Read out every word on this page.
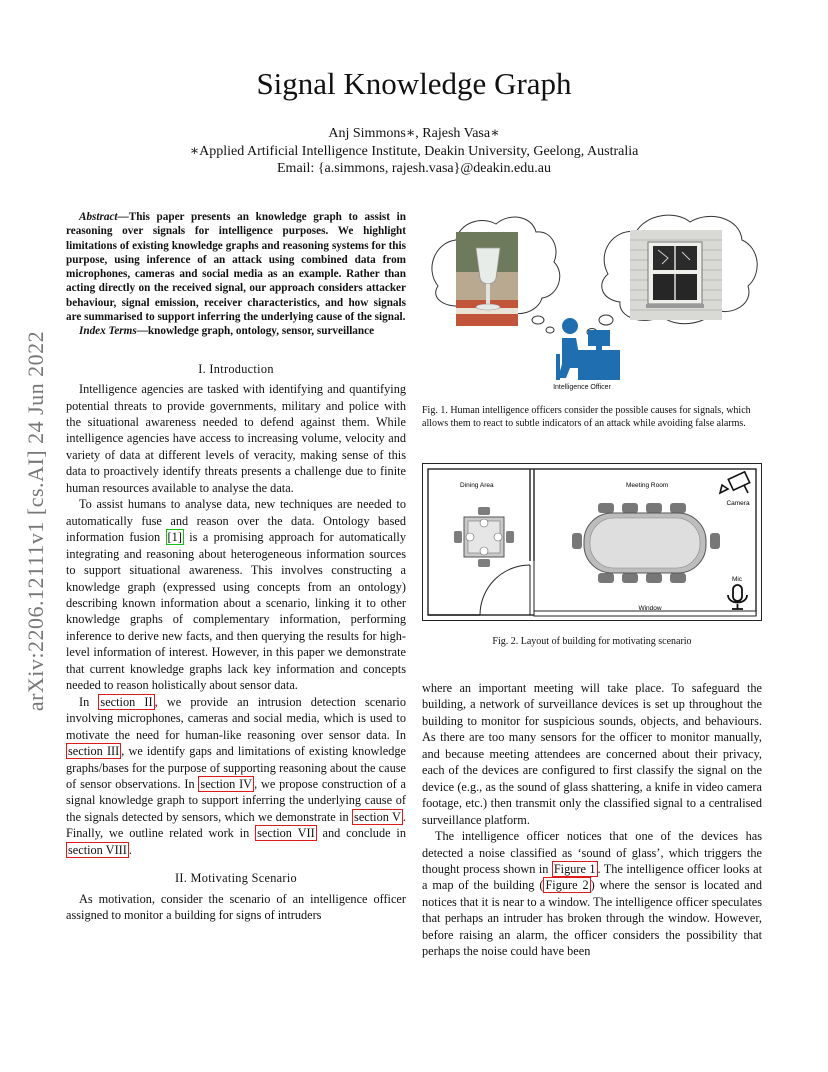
arXiv:2206.12111v1 [cs.AI] 24 Jun 2022
Signal Knowledge Graph
Anj Simmons∗, Rajesh Vasa∗
∗Applied Artificial Intelligence Institute, Deakin University, Geelong, Australia
Email: {a.simmons, rajesh.vasa}@deakin.edu.au

Abstract—This paper presents an knowledge graph to assist in reasoning over signals for intelligence purposes. We highlight limitations of existing knowledge graphs and reasoning systems for this purpose, using inference of an attack using combined data from microphones, cameras and social media as an example. Rather than acting directly on the received signal, our approach considers attacker behaviour, signal emission, receiver characteristics, and how signals are summarised to support inferring the underlying cause of the signal.

Index Terms—knowledge graph, ontology, sensor, surveillance

I. Introduction

Intelligence agencies are tasked with identifying and quantifying potential threats to provide governments, military and police with the situational awareness needed to defend against them. While intelligence agencies have access to increasing volume, velocity and variety of data at different levels of veracity, making sense of this data to proactively identify threats presents a challenge due to finite human resources available to analyse the data.

To assist humans to analyse data, new techniques are needed to automatically fuse and reason over the data. Ontology based information fusion [1] is a promising approach for automatically integrating and reasoning about heterogeneous information sources to support situational awareness. This involves constructing a knowledge graph (expressed using concepts from an ontology) describing known information about a scenario, linking it to other knowledge graphs of complementary information, performing inference to derive new facts, and then querying the results for high-level information of interest. However, in this paper we demonstrate that current knowledge graphs lack key information and concepts needed to reason holistically about sensor data.

In section II , we provide an intrusion detection scenario involving microphones, cameras and social media, which is used to motivate the need for human-like reasoning over sensor data. In section III , we identify gaps and limitations of existing knowledge graphs/bases for the purpose of supporting reasoning about the cause of sensor observations. In section IV , we propose construction of a signal knowledge graph to support inferring the underlying cause of the signals detected by sensors, which we demonstrate in section V . Finally, we outline related work in section VII and conclude in section VIII .

II. Motivating Scenario

As motivation, consider the scenario of an intelligence officer assigned to monitor a building for signs of intruders

Intelligence Officer
Fig. 1. Human intelligence officers consider the possible causes for signals, which allows them to react to subtle indicators of an attack while avoiding false alarms.
Window
Dining Area	Meeting Room
Camera
Mic
Fig. 2. Layout of building for motivating scenario

where an important meeting will take place. To safeguard the building, a network of surveillance devices is set up throughout the building to monitor for suspicious sounds, objects, and behaviours. As there are too many sensors for the officer to monitor manually, and because meeting attendees are concerned about their privacy, each of the devices are configured to first classify the signal on the device (e.g., as the sound of glass shattering, a knife in video camera footage, etc.) then transmit only the classified signal to a centralised surveillance platform.

The intelligence officer notices that one of the devices has detected a noise classified as ‘sound of glass’, which triggers the thought process shown in Figure 1 . The intelligence officer looks at a map of the building ( Figure 2 ) where the sensor is located and notices that it is near to a window. The intelligence officer speculates that perhaps an intruder has broken through the window. However, before raising an alarm, the officer considers the possibility that perhaps the noise could have been
